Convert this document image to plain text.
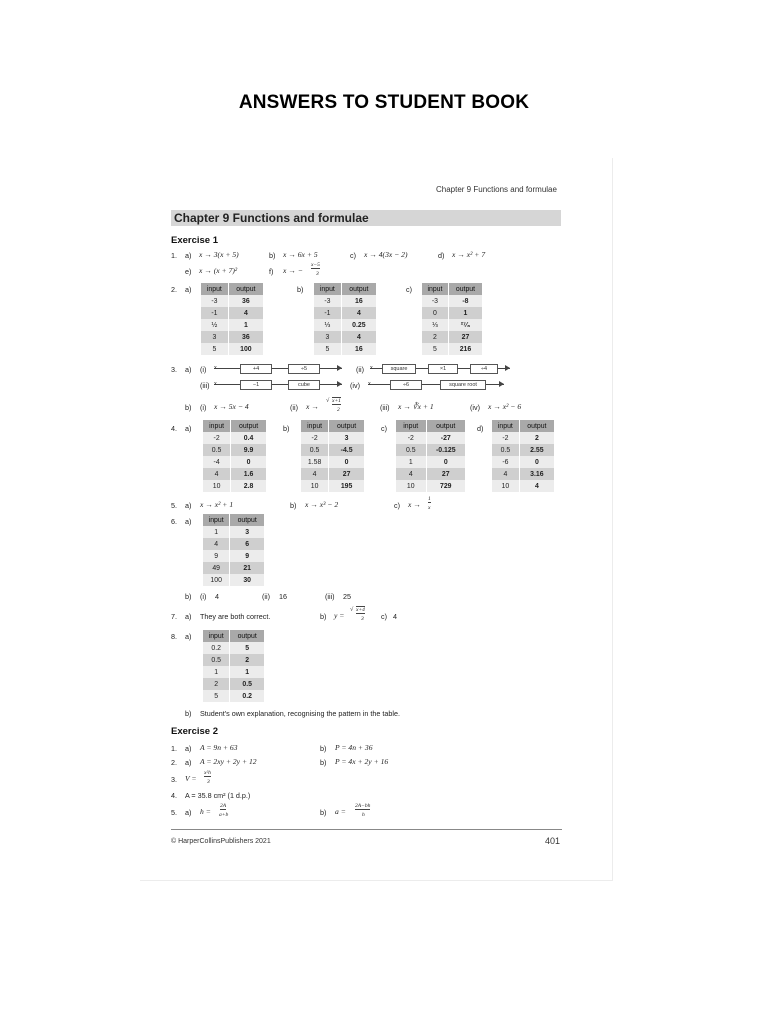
ANSWERS TO STUDENT BOOK
Chapter 9 Functions and formulae
Chapter 9 Functions and formulae
Exercise 1
1. a) x → 3(x + 5)	b) x → 6x + 5	c) x → 4(3x − 2)	d) x → x² + 7
e) x → (x + 7)²	f) x → −
x−5
3
2. a) input	output
-3	36
-1	4
½	1
3	36
5	100
b) input	output
-3	16
-1	4
⅓	0.25
3	4
5	16
c) input	output
-3	-8
0	1
⅓	²⁷⁄₈
2	27
5	216
3. a) (i) x	+4	÷5	(ii) x	square	×1	÷4
(iii) x	−1	cube	(iv) x	÷6	square root
b) (i) x → 5x − 4	(ii) x →
√ x+1
2	(iii) x → ∛x + 1	(iv) x → x² − 6
4. a)	input	output
-2	0.4
0.5	9.9
-4	0
4	1.6
10	2.8
b)	input	output
-2	3
0.5	-4.5
1.58	0
4	27
10	195
c) input	output
-2	-27
0.5	-0.125
1	0
4	27
10	729
d) input	output
-2	2
0.5	2.55
-6	0
4	3.16
10	4
5. a) x → x² + 1	b) x → x³ − 2	c) x →
1
x
6. a)	input	output
1	3
4	6
9	9
49	21
100	30
b) (i) 4	(ii) 16	(iii) 25
7. a) They are both correct.	b) y =
√ x+4
3 c) 4
8. a)	input	output
0.2	5
0.5	2
1	1
2	0.5
5	0.2
b) Student's own explanation, recognising the pattern in the table.
Exercise 2
1. a) A = 9n + 63	b) P = 4n + 36
2. a) A = 2xy + 2y + 12	b) P = 4x + 2y + 16
3. V =
x²h
3
4. A = 35.8 cm² (1 d.p.)
5. a) h =
2A
a+b	b) a =
2A−bh
h
© HarperCollinsPublishers 2021	401
